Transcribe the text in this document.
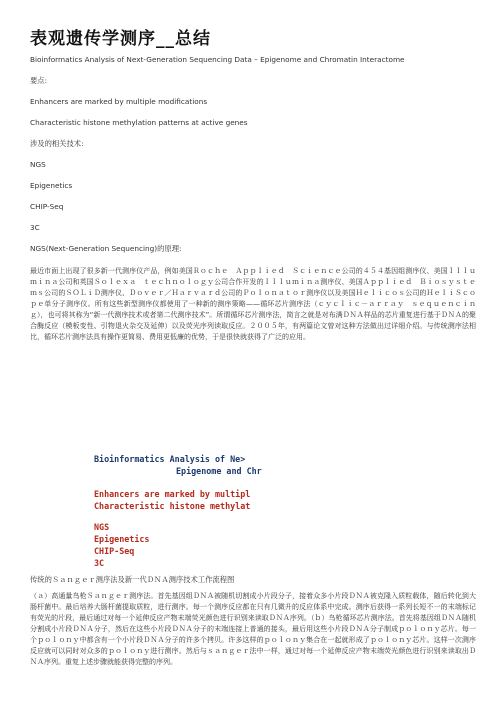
表观遗传学测序__总结
Bioinformatics Analysis of Next-Generation Sequencing Data – Epigenome and Chromatin Interactome
要点:
Enhancers are marked by multiple modifications
Characteristic histone methylation patterns at active genes
涉及的相关技术:
NGS
Epigenetics
CHIP-Seq
3C
NGS(Next-Generation Sequencing)的原理:
最近市面上出现了很多新一代测序仪产品，例如美国Ｒｏｃｈｅ　Ａｐｐｌｉｅｄ　Ｓｃｉｅｎｃｅ公司的４５４基因组测序仪、美国Ｉｌｌｕｍｉｎａ公司和英国Ｓｏｌｅｘａ　ｔｅｃｈｎｏｌｏｇｙ公司合作开发的Ｉｌｌｕｍｉｎａ测序仪、美国Ａｐｐｌｉｅｄ　Ｂｉｏｓｙｓｔｅｍｓ公司的ＳＯＬｉＤ测序仪、Ｄｏｖｅｒ／Ｈａｒｖａｒｄ公司的Ｐｏｌｏｎａｔｏｒ测序仪以及美国Ｈｅｌｉｃｏｓ公司的ＨｅｌｉＳｃｏｐｅ单分子测序仪。所有这些新型测序仪都使用了一种新的测序策略——循环芯片测序法（ｃｙｃｌｉｃ－ａｒｒａｙ　ｓｅｑｕｅｎｃｉｎｇ），也可将其称为“新一代测序技术或者第二代测序技术”。所谓循环芯片测序法，简言之就是对布满ＤＮＡ样品的芯片重复进行基于ＤＮＡ的聚合酶反应（模板变性、引物退火杂交及延伸）以及荧光序列读取反应。２００５年，有两篇论文曾对这种方法做出过详细介绍。与传统测序法相比，循环芯片测序法具有操作更简易、费用更低廉的优势，于是很快就获得了广泛的应用。
Bioinformatics Analysis of Ne>
Epigenome and Chr
Enhancers are marked by multipl
Characteristic histone methylat
NGS
Epigenetics
CHIP-Seq
3C
传统的Ｓａｎｇｅｒ测序法及新一代ＤＮＡ测序技术工作流程图
（ａ）高通量鸟枪Ｓａｎｇｅｒ测序法。首先基因组ＤＮＡ被随机切割成小片段分子，接着众多小片段ＤＮＡ被克隆入质粒载体，随后转化到大肠杆菌中。最后培养大肠杆菌提取质粒，进行测序。每一个测序反应都在只有几微升的反应体系中完成。测序后获得一系列长短不一的末端标记有荧光的片段，最后通过对每一个延伸反应产物末端荧光颜色进行识别来读取ＤＮＡ序列。（ｂ）鸟枪循环芯片测序法。首先将基因组ＤＮＡ随机分割成小片段ＤＮＡ分子，然后在这些小片段ＤＮＡ分子的末端连接上普通的接头，最后用这些小片段ＤＮＡ分子制成ｐｏｌｏｎｙ芯片。每一个ｐｏｌｏｎｙ中都含有一个小片段ＤＮＡ分子的许多个拷贝。许多这样的ｐｏｌｏｎｙ集合在一起就形成了ｐｏｌｏｎｙ芯片。这样一次测序反应就可以同时对众多的ｐｏｌｏｎｙ进行测序。然后与ｓａｎｇｅｒ法中一样，通过对每一个延伸反应产物末端荧光颜色进行识别来读取出ＤＮＡ序列。重复上述步骤就能获得完整的序列。
